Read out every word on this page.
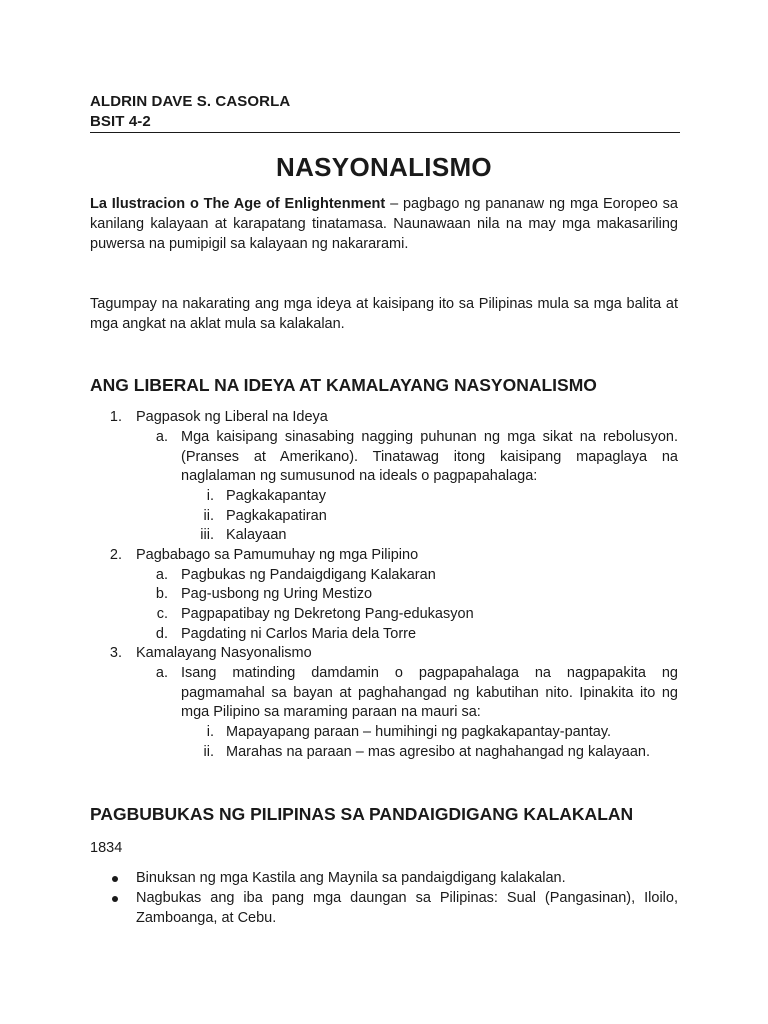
ALDRIN DAVE S. CASORLA
BSIT 4-2
NASYONALISMO

La Ilustracion o The Age of Enlightenment – pagbago ng pananaw ng mga Eoropeo sa kanilang kalayaan at karapatang tinatamasa. Naunawaan nila na may mga makasariling puwersa na pumipigil sa kalayaan ng nakararami.

Tagumpay na nakarating ang mga ideya at kaisipang ito sa Pilipinas mula sa mga balita at mga angkat na aklat mula sa kalakalan.

ANG LIBERAL NA IDEYA AT KAMALAYANG NASYONALISMO
1. Pagpasok ng Liberal na Ideya
a. Mga kaisipang sinasabing nagging puhunan ng mga sikat na rebolusyon. (Pranses at Amerikano). Tinatawag itong kaisipang mapaglaya na naglalaman ng sumusunod na ideals o pagpapahalaga:
i. Pagkakapantay
ii. Pagkakapatiran
iii. Kalayaan
2. Pagbabago sa Pamumuhay ng mga Pilipino
a. Pagbukas ng Pandaigdigang Kalakaran
b. Pag-usbong ng Uring Mestizo
c. Pagpapatibay ng Dekretong Pang-edukasyon
d. Pagdating ni Carlos Maria dela Torre
3. Kamalayang Nasyonalismo
a. Isang matinding damdamin o pagpapahalaga na nagpapakita ng pagmamahal sa bayan at paghahangad ng kabutihan nito. Ipinakita ito ng mga Pilipino sa maraming paraan na mauri sa:
i. Mapayapang paraan – humihingi ng pagkakapantay-pantay.
ii. Marahas na paraan – mas agresibo at naghahangad ng kalayaan.
PAGBUBUKAS NG PILIPINAS SA PANDAIGDIGANG KALAKALAN
1834
Binuksan ng mga Kastila ang Maynila sa pandaigdigang kalakalan.
Nagbukas ang iba pang mga daungan sa Pilipinas: Sual (Pangasinan), Iloilo, Zamboanga, at Cebu.
